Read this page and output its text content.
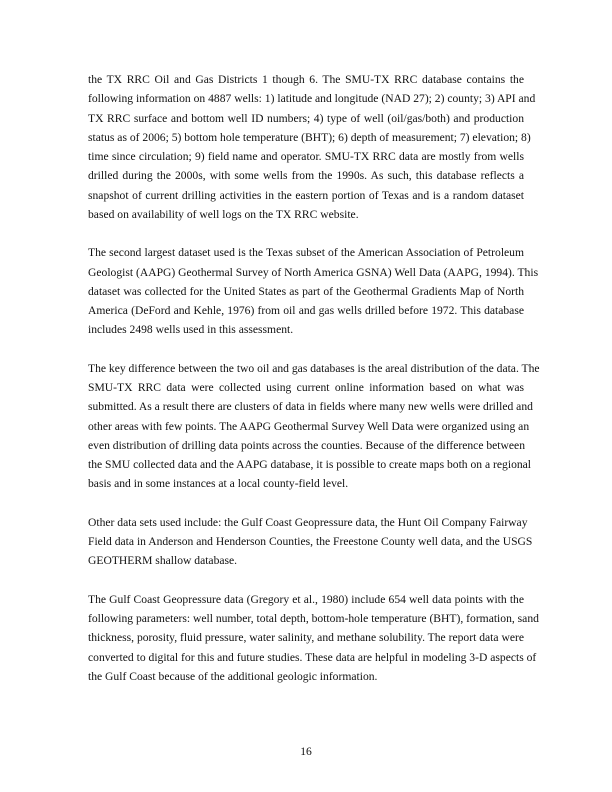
the TX RRC Oil and Gas Districts 1 though 6. The SMU-TX RRC database contains the
following information on 4887 wells: 1) latitude and longitude (NAD 27); 2) county; 3) API and
TX RRC surface and bottom well ID numbers; 4) type of well (oil/gas/both) and production
status as of 2006; 5) bottom hole temperature (BHT); 6) depth of measurement; 7) elevation; 8)
time since circulation; 9) field name and operator. SMU-TX RRC data are mostly from wells
drilled during the 2000s, with some wells from the 1990s. As such, this database reflects a
snapshot of current drilling activities in the eastern portion of Texas and is a random dataset
based on availability of well logs on the TX RRC website.
The second largest dataset used is the Texas subset of the American Association of Petroleum
Geologist (AAPG) Geothermal Survey of North America GSNA) Well Data (AAPG, 1994). This
dataset was collected for the United States as part of the Geothermal Gradients Map of North
America (DeFord and Kehle, 1976) from oil and gas wells drilled before 1972. This database
includes 2498 wells used in this assessment.
The key difference between the two oil and gas databases is the areal distribution of the data. The
SMU-TX RRC data were collected using current online information based on what was
submitted. As a result there are clusters of data in fields where many new wells were drilled and
other areas with few points. The AAPG Geothermal Survey Well Data were organized using an
even distribution of drilling data points across the counties. Because of the difference between
the SMU collected data and the AAPG database, it is possible to create maps both on a regional
basis and in some instances at a local county-field level.
Other data sets used include: the Gulf Coast Geopressure data, the Hunt Oil Company Fairway
Field data in Anderson and Henderson Counties, the Freestone County well data, and the USGS
GEOTHERM shallow database.
The Gulf Coast Geopressure data (Gregory et al., 1980) include 654 well data points with the
following parameters: well number, total depth, bottom-hole temperature (BHT), formation, sand
thickness, porosity, fluid pressure, water salinity, and methane solubility. The report data were
converted to digital for this and future studies. These data are helpful in modeling 3-D aspects of
the Gulf Coast because of the additional geologic information.
16
